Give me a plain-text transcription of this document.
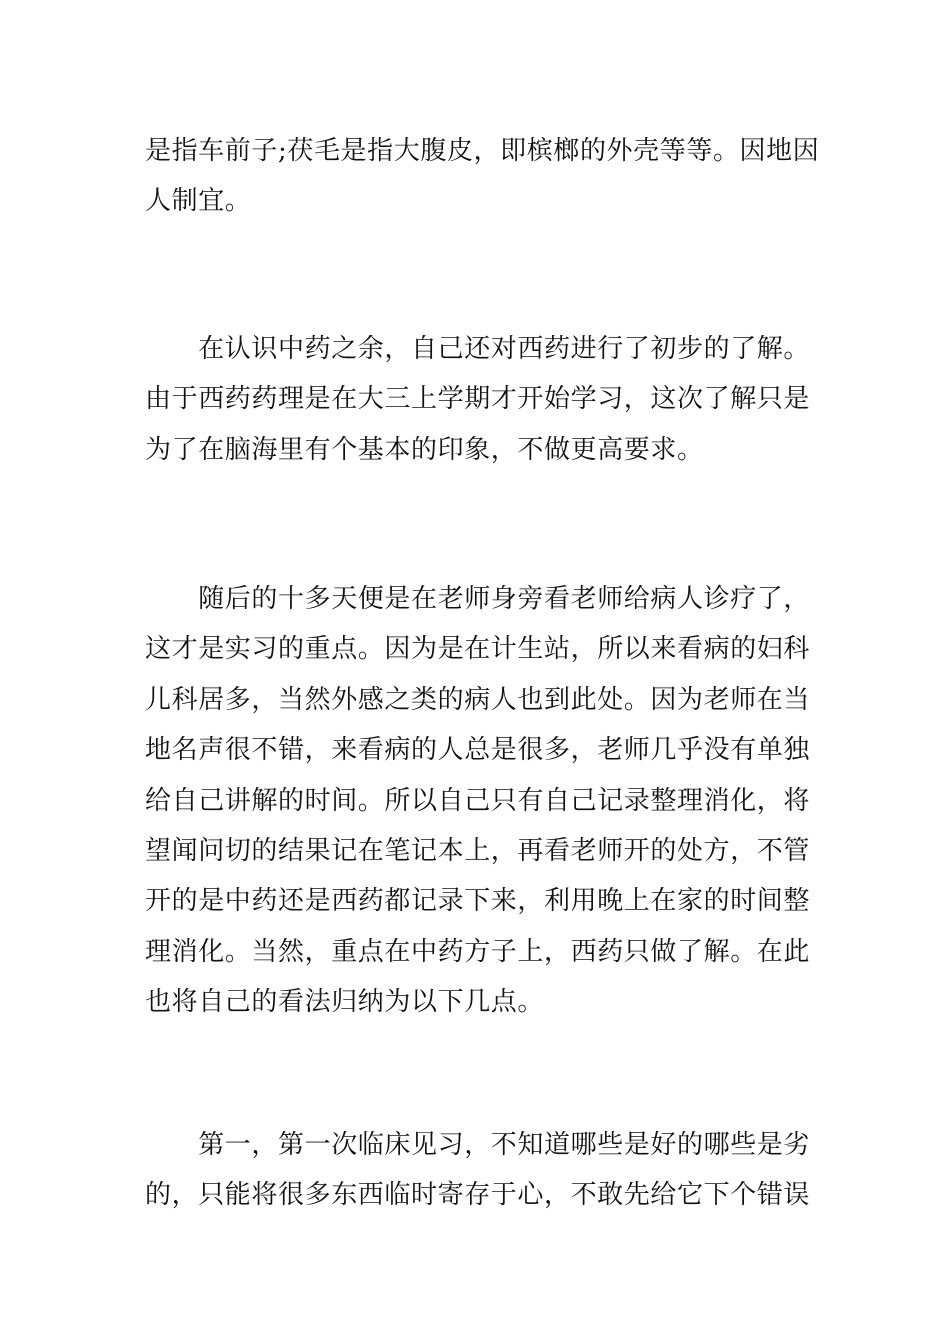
是指车前子;茯毛是指大腹皮，即槟榔的外壳等等。因地因
人制宜。

　　在认识中药之余，自己还对西药进行了初步的了解。
由于西药药理是在大三上学期才开始学习，这次了解只是
为了在脑海里有个基本的印象，不做更高要求。

　　随后的十多天便是在老师身旁看老师给病人诊疗了，
这才是实习的重点。因为是在计生站，所以来看病的妇科
儿科居多，当然外感之类的病人也到此处。因为老师在当
地名声很不错，来看病的人总是很多，老师几乎没有单独
给自己讲解的时间。所以自己只有自己记录整理消化，将
望闻问切的结果记在笔记本上，再看老师开的处方，不管
开的是中药还是西药都记录下来，利用晚上在家的时间整
理消化。当然，重点在中药方子上，西药只做了解。在此
也将自己的看法归纳为以下几点。

　　第一，第一次临床见习，不知道哪些是好的哪些是劣
的，只能将很多东西临时寄存于心，不敢先给它下个错误
